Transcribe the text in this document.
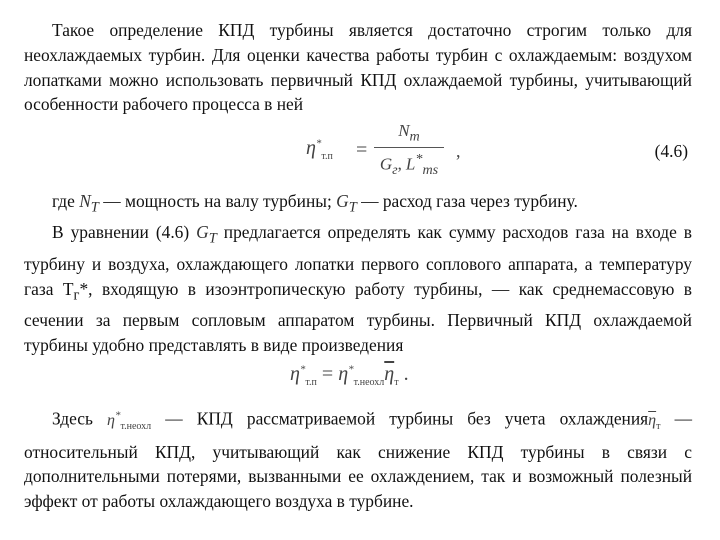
Такое определение КПД турбины является достаточно строгим только для неохлаждаемых турбин. Для оценки качества работы турбин с охлаждаемым: воздухом лопатками можно использовать первичный КПД охлаждаемой турбины, учитывающий особенности рабочего процесса в ней

$\eta^*_{т.п}$ =
$N_т$
$G_г$, $L^*_{тs}$
,	(4.6)

где $N_T$ — мощность на валу турбины; $G_T$ — расход газа через турбину.

В уравнении (4.6) $G_T$ предлагается определять как сумму расходов газа на входе в турбину и воздуха, охлаждающего лопатки первого соплового аппарата, а температуру газа $Т_г*$, входящую в изоэнтропическую работу турбины, — как среднемассовую в сечении за первым сопловым аппаратом турбины. Первичный КПД охлаждаемой турбины удобно представлять в виде произведения

$\eta^*_{т.п} = \eta^*_{т.неохл}\overline{\eta}_т$ .

Здесь $\eta^*_{т.неохл}$ — КПД рассматриваемой турбины без учета $охлаждения\overline{\eta}_т$ — относительный КПД, учитывающий как снижение КПД турбины в связи с дополнительными потерями, вызванными ее охлаждением, так и возможный полезный эффект от работы охлаждающего воздуха в турбине.
